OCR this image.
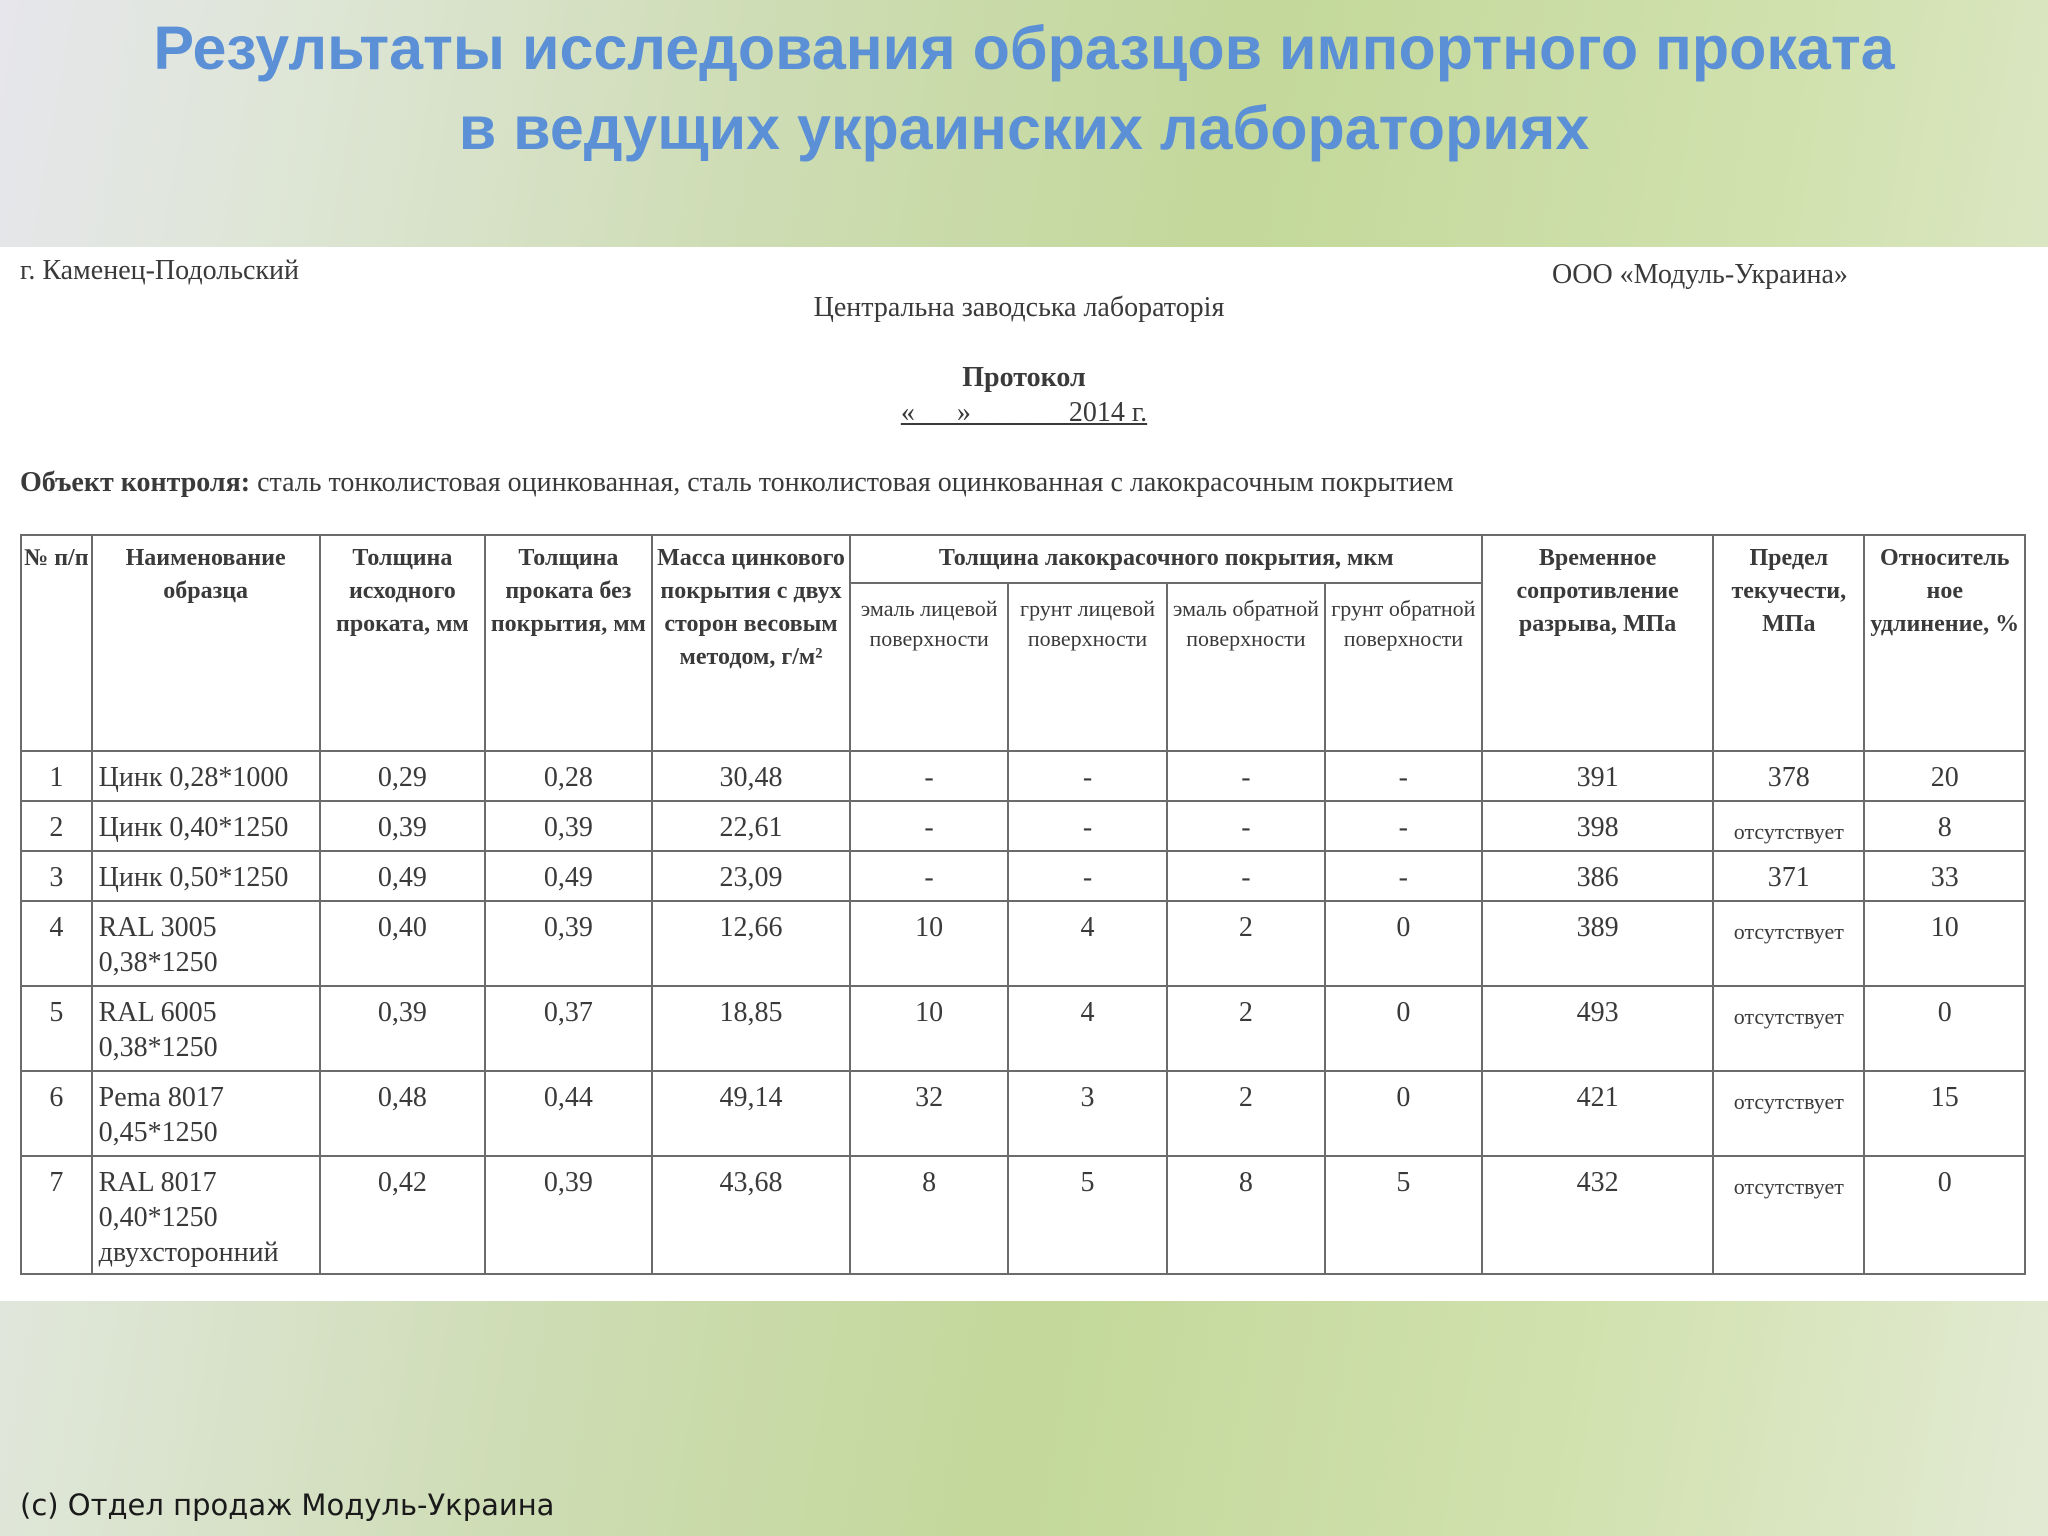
Результаты исследования образцов импортного проката
в ведущих украинских лабораториях
г. Каменец-Подольский	ООО «Модуль-Украина»
Центральна заводська лабораторія
Протокол
«___» ______ 2014 г.
Объект контроля: сталь тонколистовая оцинкованная, сталь тонколистовая оцинкованная с лакокрасочным покрытием
№ п/п	Наименование образца	Толщина исходного проката, мм	Толщина проката без покрытия, мм	Масса цинкового покрытия с двух сторон весовым методом, г/м²	Толщина лакокрасочного покрытия, мкм				Временное сопротивление разрыва, МПа	Предел текучести, МПа	Относитель ное удлинение, %
					эмаль лицевой поверхности	грунт лицевой поверхности	эмаль обратной поверхности	грунт обратной поверхности			
1	Цинк 0,28*1000	0,29	0,28	30,48	-	-	-	-	391	378	20
2	Цинк 0,40*1250	0,39	0,39	22,61	-	-	-	-	398	отсутствует	8
3	Цинк 0,50*1250	0,49	0,49	23,09	-	-	-	-	386	371	33
4	RAL 3005 0,38*1250	0,40	0,39	12,66	10	4	2	0	389	отсутствует	10
5	RAL 6005 0,38*1250	0,39	0,37	18,85	10	4	2	0	493	отсутствует	0
6	Pema 8017 0,45*1250	0,48	0,44	49,14	32	3	2	0	421	отсутствует	15
7	RAL 8017 0,40*1250 двухсторонний	0,42	0,39	43,68	8	5	8	5	432	отсутствует	0
(с) Отдел продаж Модуль-Украина
